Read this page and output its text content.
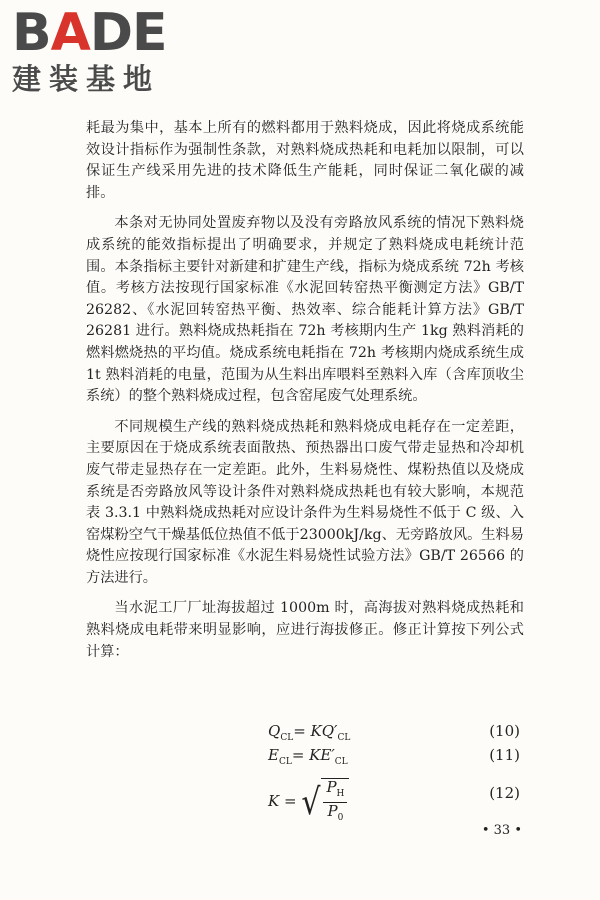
BADE
建装基地

耗最为集中，基本上所有的燃料都用于熟料烧成，因此将烧成系统能效设计指标作为强制性条款，对熟料烧成热耗和电耗加以限制，可以保证生产线采用先进的技术降低生产能耗，同时保证二氧化碳的减排。

本条对无协同处置废弃物以及没有旁路放风系统的情况下熟料烧成系统的能效指标提出了明确要求，并规定了熟料烧成电耗统计范围。本条指标主要针对新建和扩建生产线，指标为烧成系统 72h 考核值。考核方法按现行国家标准《水泥回转窑热平衡测定方法》GB/T 26282、《水泥回转窑热平衡、热效率、综合能耗计算方法》GB/T 26281 进行。熟料烧成热耗指在 72h 考核期内生产 1kg 熟料消耗的燃料燃烧热的平均值。烧成系统电耗指在 72h 考核期内烧成系统生成 1t 熟料消耗的电量，范围为从生料出库喂料至熟料入库（含库顶收尘系统）的整个熟料烧成过程，包含窑尾废气处理系统。

不同规模生产线的熟料烧成热耗和熟料烧成电耗存在一定差距，主要原因在于烧成系统表面散热、预热器出口废气带走显热和冷却机废气带走显热存在一定差距。此外，生料易烧性、煤粉热值以及烧成系统是否旁路放风等设计条件对熟料烧成热耗也有较大影响，本规范表 3.3.1 中熟料烧成热耗对应设计条件为生料易烧性不低于 C 级、入窑煤粉空气干燥基低位热值不低于23000kJ/kg、无旁路放风。生料易烧性应按现行国家标准《水泥生料易烧性试验方法》GB/T 26566 的方法进行。

当水泥工厂厂址海拔超过 1000m 时，高海拔对熟料烧成热耗和熟料烧成电耗带来明显影响，应进行海拔修正。修正计算按下列公式计算：

$Q_{CL}= KQ'_{CL}$	(10)
$E_{CL}= KE'_{CL}$	(11)
K = √ $\frac{P_H}{P_0}$	(12)
• 33 •
